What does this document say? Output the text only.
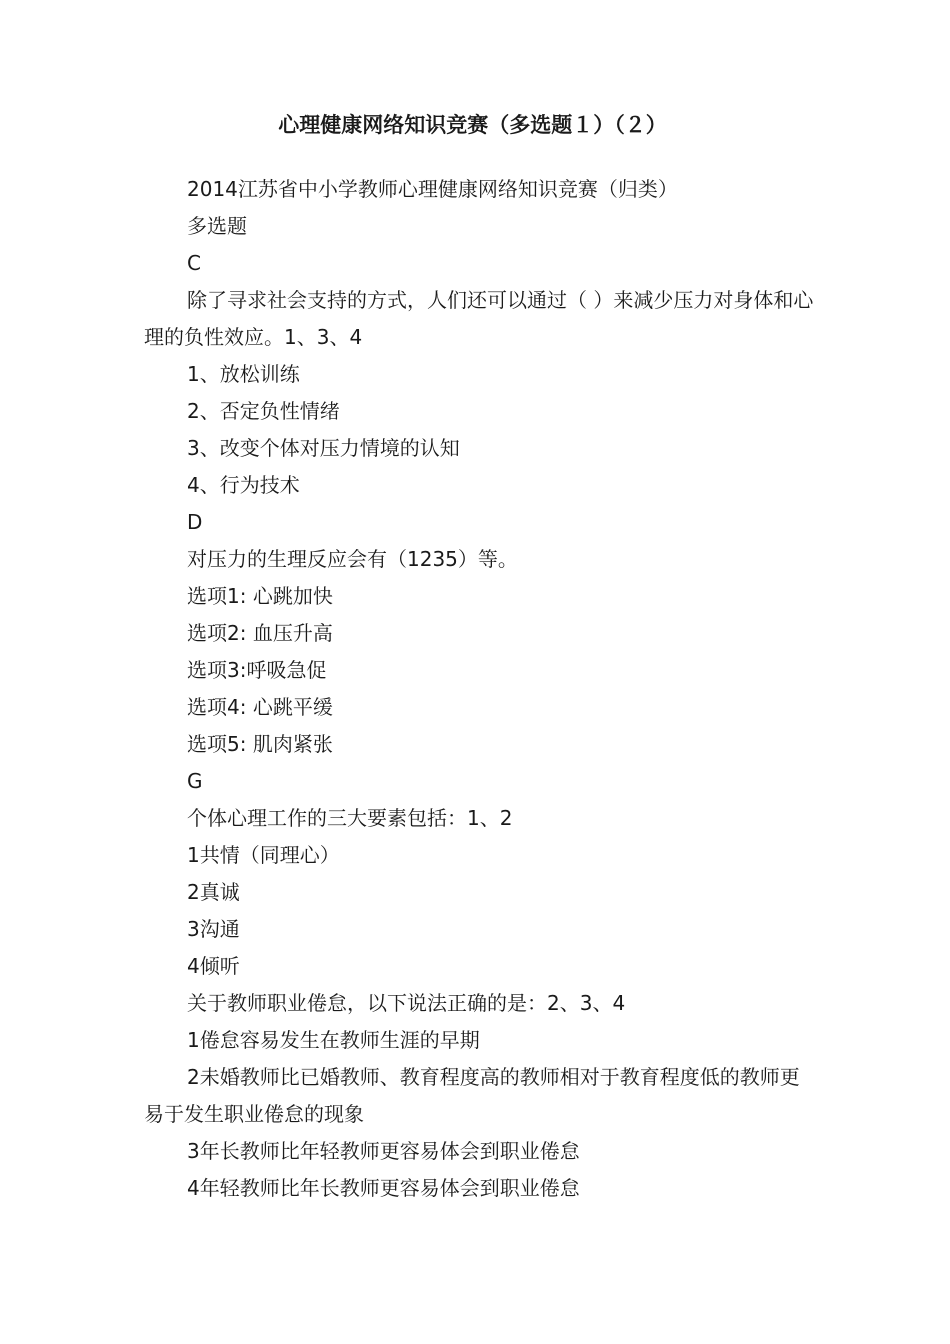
心理健康网络知识竞赛（多选题１）（２）

2014江苏省中小学教师心理健康网络知识竞赛（归类）

多选题

C

除了寻求社会支持的方式，人们还可以通过（ ）来减少压力对身体和心理的负性效应。1、3、4

1、放松训练

2、否定负性情绪

3、改变个体对压力情境的认知

4、行为技术

D

对压力的生理反应会有（1235）等。

选项1: 心跳加快

选项2: 血压升高

选项3:呼吸急促

选项4: 心跳平缓

选项5: 肌肉紧张

G

个体心理工作的三大要素包括：1、2

1共情（同理心）

2真诚

3沟通

4倾听

关于教师职业倦怠，以下说法正确的是：2、3、4

1倦怠容易发生在教师生涯的早期

2未婚教师比已婚教师、教育程度高的教师相对于教育程度低的教师更易于发生职业倦怠的现象

3年长教师比年轻教师更容易体会到职业倦怠

4年轻教师比年长教师更容易体会到职业倦怠
